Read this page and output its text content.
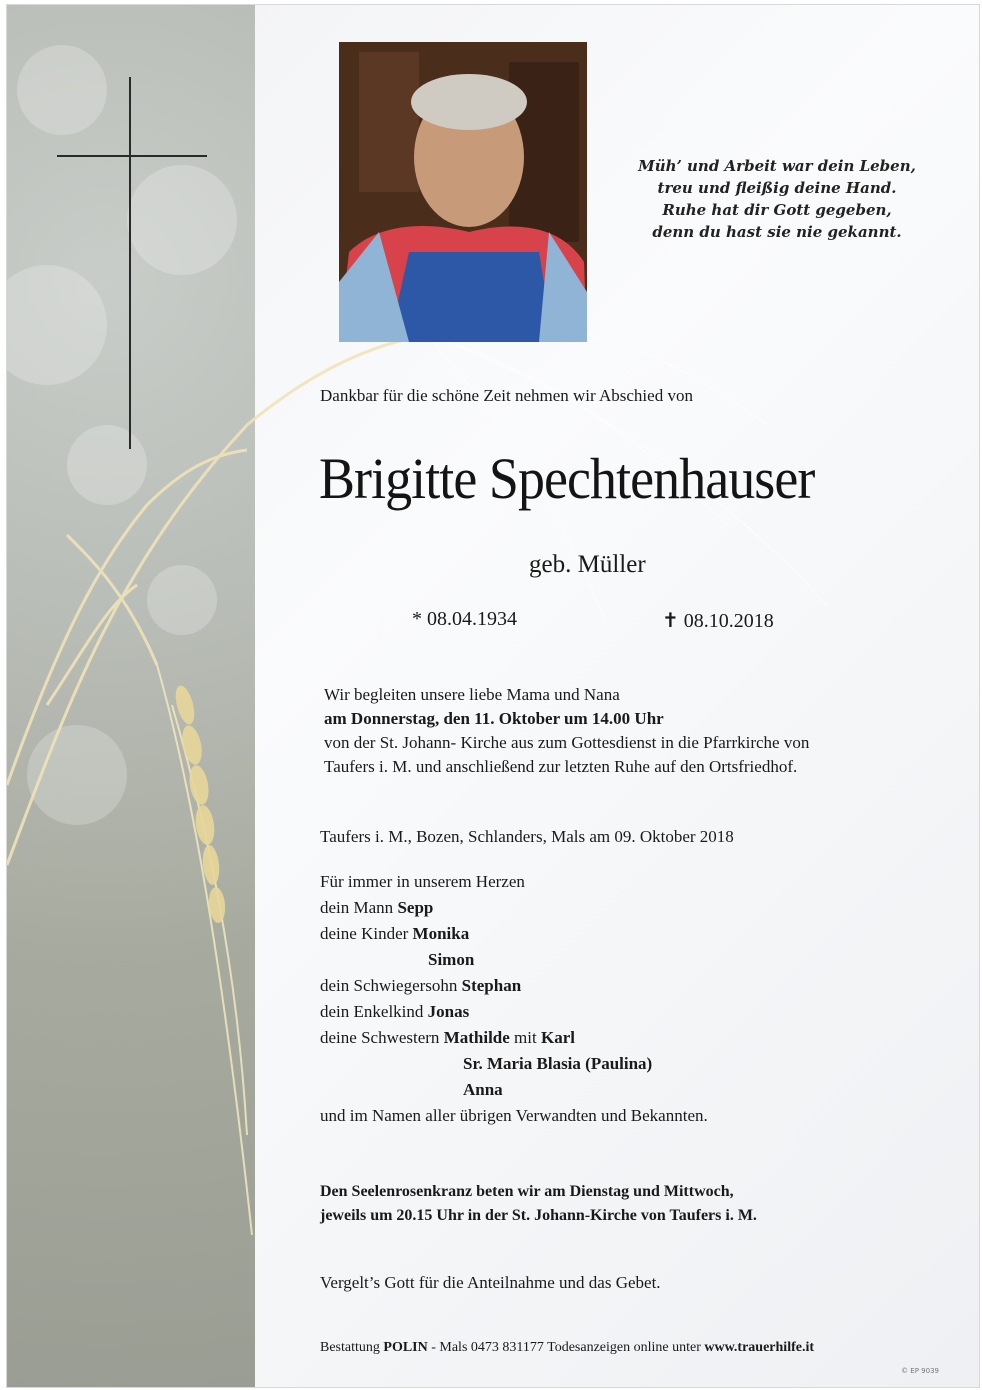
Müh’ und Arbeit war dein Leben,
treu und fleißig deine Hand.
Ruhe hat dir Gott gegeben,
denn du hast sie nie gekannt.
Dankbar für die schöne Zeit nehmen wir Abschied von
Brigitte Spechtenhauser
geb. Müller
* 08.04.1934	✝ 08.10.2018
Wir begleiten unsere liebe Mama und Nana
am Donnerstag, den 11. Oktober um 14.00 Uhr
von der St. Johann- Kirche aus zum Gottesdienst in die Pfarrkirche von
Taufers i. M. und anschließend zur letzten Ruhe auf den Ortsfriedhof.
Taufers i. M., Bozen, Schlanders, Mals am 09. Oktober 2018
Für immer in unserem Herzen
dein Mann Sepp
deine Kinder Monika
Simon
dein Schwiegersohn Stephan
dein Enkelkind Jonas
deine Schwestern Mathilde mit Karl
Sr. Maria Blasia (Paulina)
Anna
und im Namen aller übrigen Verwandten und Bekannten.
Den Seelenrosenkranz beten wir am Dienstag und Mittwoch,
jeweils um 20.15 Uhr in der St. Johann-Kirche von Taufers i. M.
Vergelt’s Gott für die Anteilnahme und das Gebet.
Bestattung POLIN - Mals 0473 831177 Todesanzeigen online unter www.trauerhilfe.it
© EP 9039
